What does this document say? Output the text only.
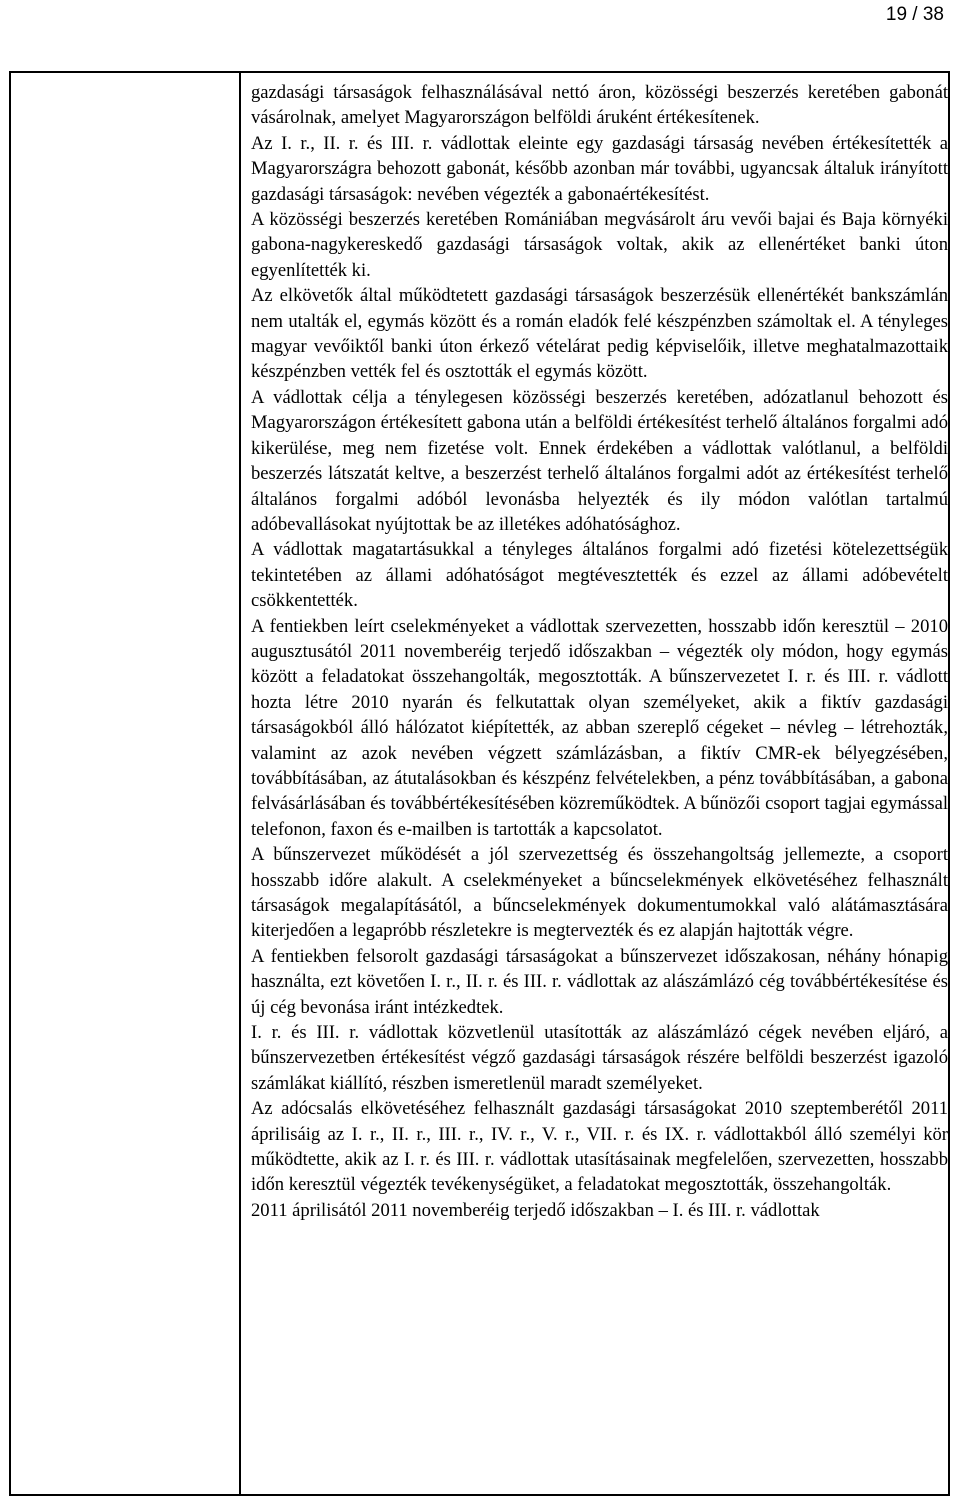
19 / 38

gazdasági társaságok felhasználásával nettó áron, közösségi beszerzés keretében gabonát vásárolnak, amelyet Magyarországon belföldi áruként értékesítenek.

Az I. r., II. r. és III. r. vádlottak eleinte egy gazdasági társaság nevében értékesítették a Magyarországra behozott gabonát, később azonban már további, ugyancsak általuk irányított gazdasági társaságok: nevében végezték a gabonaértékesítést.

A közösségi beszerzés keretében Romániában megvásárolt áru vevői bajai és Baja környéki gabona-nagykereskedő gazdasági társaságok voltak, akik az ellenértéket banki úton egyenlítették ki.

Az elkövetők által működtetett gazdasági társaságok beszerzésük ellenértékét bankszámlán nem utalták el, egymás között és a román eladók felé készpénzben számoltak el. A tényleges magyar vevőiktől banki úton érkező vételárat pedig képviselőik, illetve meghatalmazottaik készpénzben vették fel és osztották el egymás között.

A vádlottak célja a ténylegesen közösségi beszerzés keretében, adózatlanul behozott és Magyarországon értékesített gabona után a belföldi értékesítést terhelő általános forgalmi adó kikerülése, meg nem fizetése volt. Ennek érdekében a vádlottak valótlanul, a belföldi beszerzés látszatát keltve, a beszerzést terhelő általános forgalmi adót az értékesítést terhelő általános forgalmi adóból levonásba helyezték és ily módon valótlan tartalmú adóbevallásokat nyújtottak be az illetékes adóhatósághoz.

A vádlottak magatartásukkal a tényleges általános forgalmi adó fizetési kötelezettségük tekintetében az állami adóhatóságot megtévesztették és ezzel az állami adóbevételt csökkentették.

A fentiekben leírt cselekményeket a vádlottak szervezetten, hosszabb időn keresztül – 2010 augusztusától 2011 novemberéig terjedő időszakban – végezték oly módon, hogy egymás között a feladatokat összehangolták, megosztották. A bűnszervezetet I. r. és III. r. vádlott hozta létre 2010 nyarán és felkutattak olyan személyeket, akik a fiktív gazdasági társaságokból álló hálózatot kiépítették, az abban szereplő cégeket – névleg – létrehozták, valamint az azok nevében végzett számlázásban, a fiktív CMR-ek bélyegzésében, továbbításában, az átutalásokban és készpénz felvételekben, a pénz továbbításában, a gabona felvásárlásában és továbbértékesítésében közreműködtek. A bűnözői csoport tagjai egymással telefonon, faxon és e-mailben is tartották a kapcsolatot.

A bűnszervezet működését a jól szervezettség és összehangoltság jellemezte, a csoport hosszabb időre alakult. A cselekményeket a bűncselekmények elkövetéséhez felhasznált társaságok megalapításától, a bűncselekmények dokumentumokkal való alátámasztására kiterjedően a legapróbb részletekre is megtervezték és ez alapján hajtották végre.

A fentiekben felsorolt gazdasági társaságokat a bűnszervezet időszakosan, néhány hónapig használta, ezt követően I. r., II. r. és III. r. vádlottak az alászámlázó cég továbbértékesítése és új cég bevonása iránt intézkedtek.

I. r. és III. r. vádlottak közvetlenül utasították az alászámlázó cégek nevében eljáró, a bűnszervezetben értékesítést végző gazdasági társaságok részére belföldi beszerzést igazoló számlákat kiállító, részben ismeretlenül maradt személyeket.

Az adócsalás elkövetéséhez felhasznált gazdasági társaságokat 2010 szeptemberétől 2011 áprilisáig az I. r., II. r., III. r., IV. r., V. r., VII. r. és IX. r. vádlottakból álló személyi kör működtette, akik az I. r. és III. r. vádlottak utasításainak megfelelően, szervezetten, hosszabb időn keresztül végezték tevékenységüket, a feladatokat megosztották, összehangolták.

2011 áprilisától 2011 novemberéig terjedő időszakban – I. és III. r. vádlottak
